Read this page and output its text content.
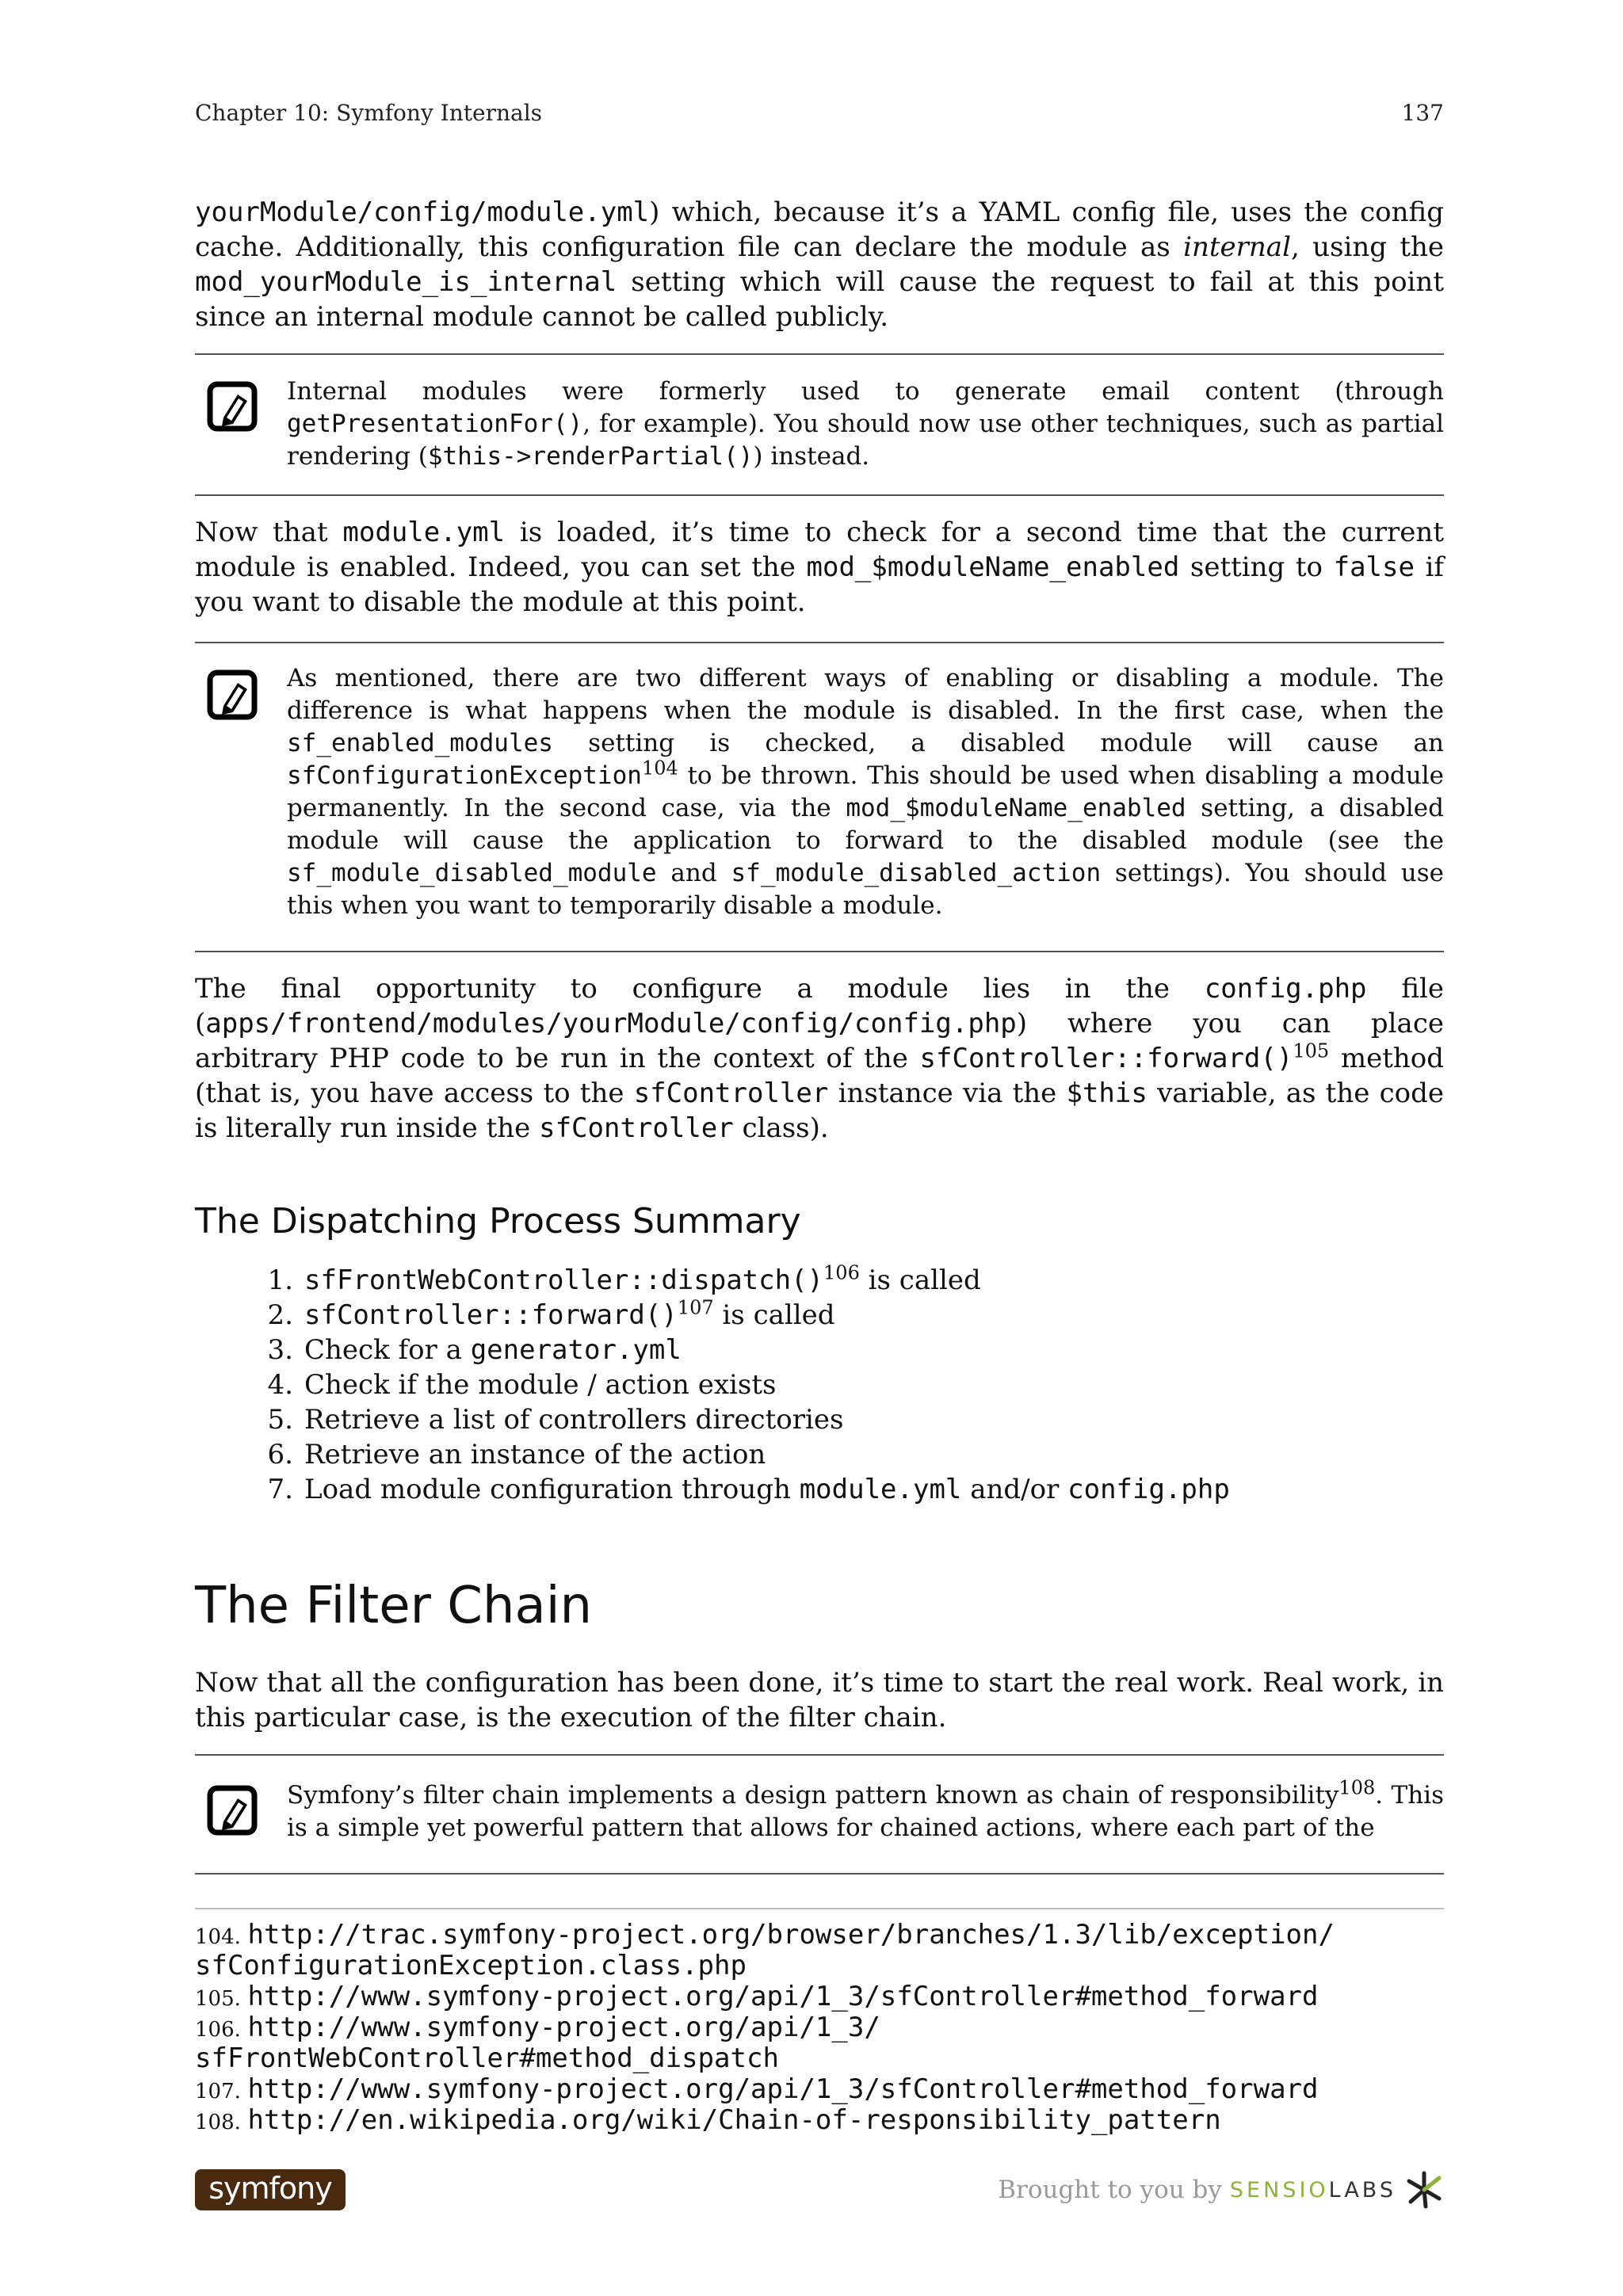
Chapter 10: Symfony Internals	137

yourModule/config/module.yml) which, because it’s a YAML config file, uses the config cache. Additionally, this configuration file can declare the module as internal, using the mod_yourModule_is_internal setting which will cause the request to fail at this point since an internal module cannot be called publicly.

Internal modules were formerly used to generate email content (through getPresentationFor(), for example). You should now use other techniques, such as partial rendering ($this->renderPartial()) instead.

Now that module.yml is loaded, it’s time to check for a second time that the current module is enabled. Indeed, you can set the mod_$moduleName_enabled setting to false if you want to disable the module at this point.

As mentioned, there are two different ways of enabling or disabling a module. The difference is what happens when the module is disabled. In the first case, when the sf_enabled_modules setting is checked, a disabled module will cause an sfConfigurationException$^{104}$ to be thrown. This should be used when disabling a module permanently. In the second case, via the mod_$moduleName_enabled setting, a disabled module will cause the application to forward to the disabled module (see the sf_module_disabled_module and sf_module_disabled_action settings). You should use this when you want to temporarily disable a module.

The final opportunity to configure a module lies in the config.php file (apps/frontend/modules/yourModule/config/config.php) where you can place arbitrary PHP code to be run in the context of the sfController::forward()$^{105}$ method (that is, you have access to the sfController instance via the $this variable, as the code is literally run inside the sfController class).

The Dispatching Process Summary
1. sfFrontWebController::dispatch()$^{106}$ is called
2. sfController::forward()$^{107}$ is called
3. Check for a generator.yml
4. Check if the module / action exists
5. Retrieve a list of controllers directories
6. Retrieve an instance of the action
7. Load module configuration through module.yml and/or config.php
The Filter Chain

Now that all the configuration has been done, it’s time to start the real work. Real work, in this particular case, is the execution of the filter chain.

Symfony’s filter chain implements a design pattern known as chain of responsibility$^{108}$. This is a simple yet powerful pattern that allows for chained actions, where each part of the

104. http://trac.symfony-project.org/browser/branches/1.3/lib/exception/
sfConfigurationException.class.php

105. http://www.symfony-project.org/api/1_3/sfController#method_forward

106. http://www.symfony-project.org/api/1_3/
sfFrontWebController#method_dispatch

107. http://www.symfony-project.org/api/1_3/sfController#method_forward

108. http://en.wikipedia.org/wiki/Chain-of-responsibility_pattern

symfony	Brought to you by SENSIOLABS
